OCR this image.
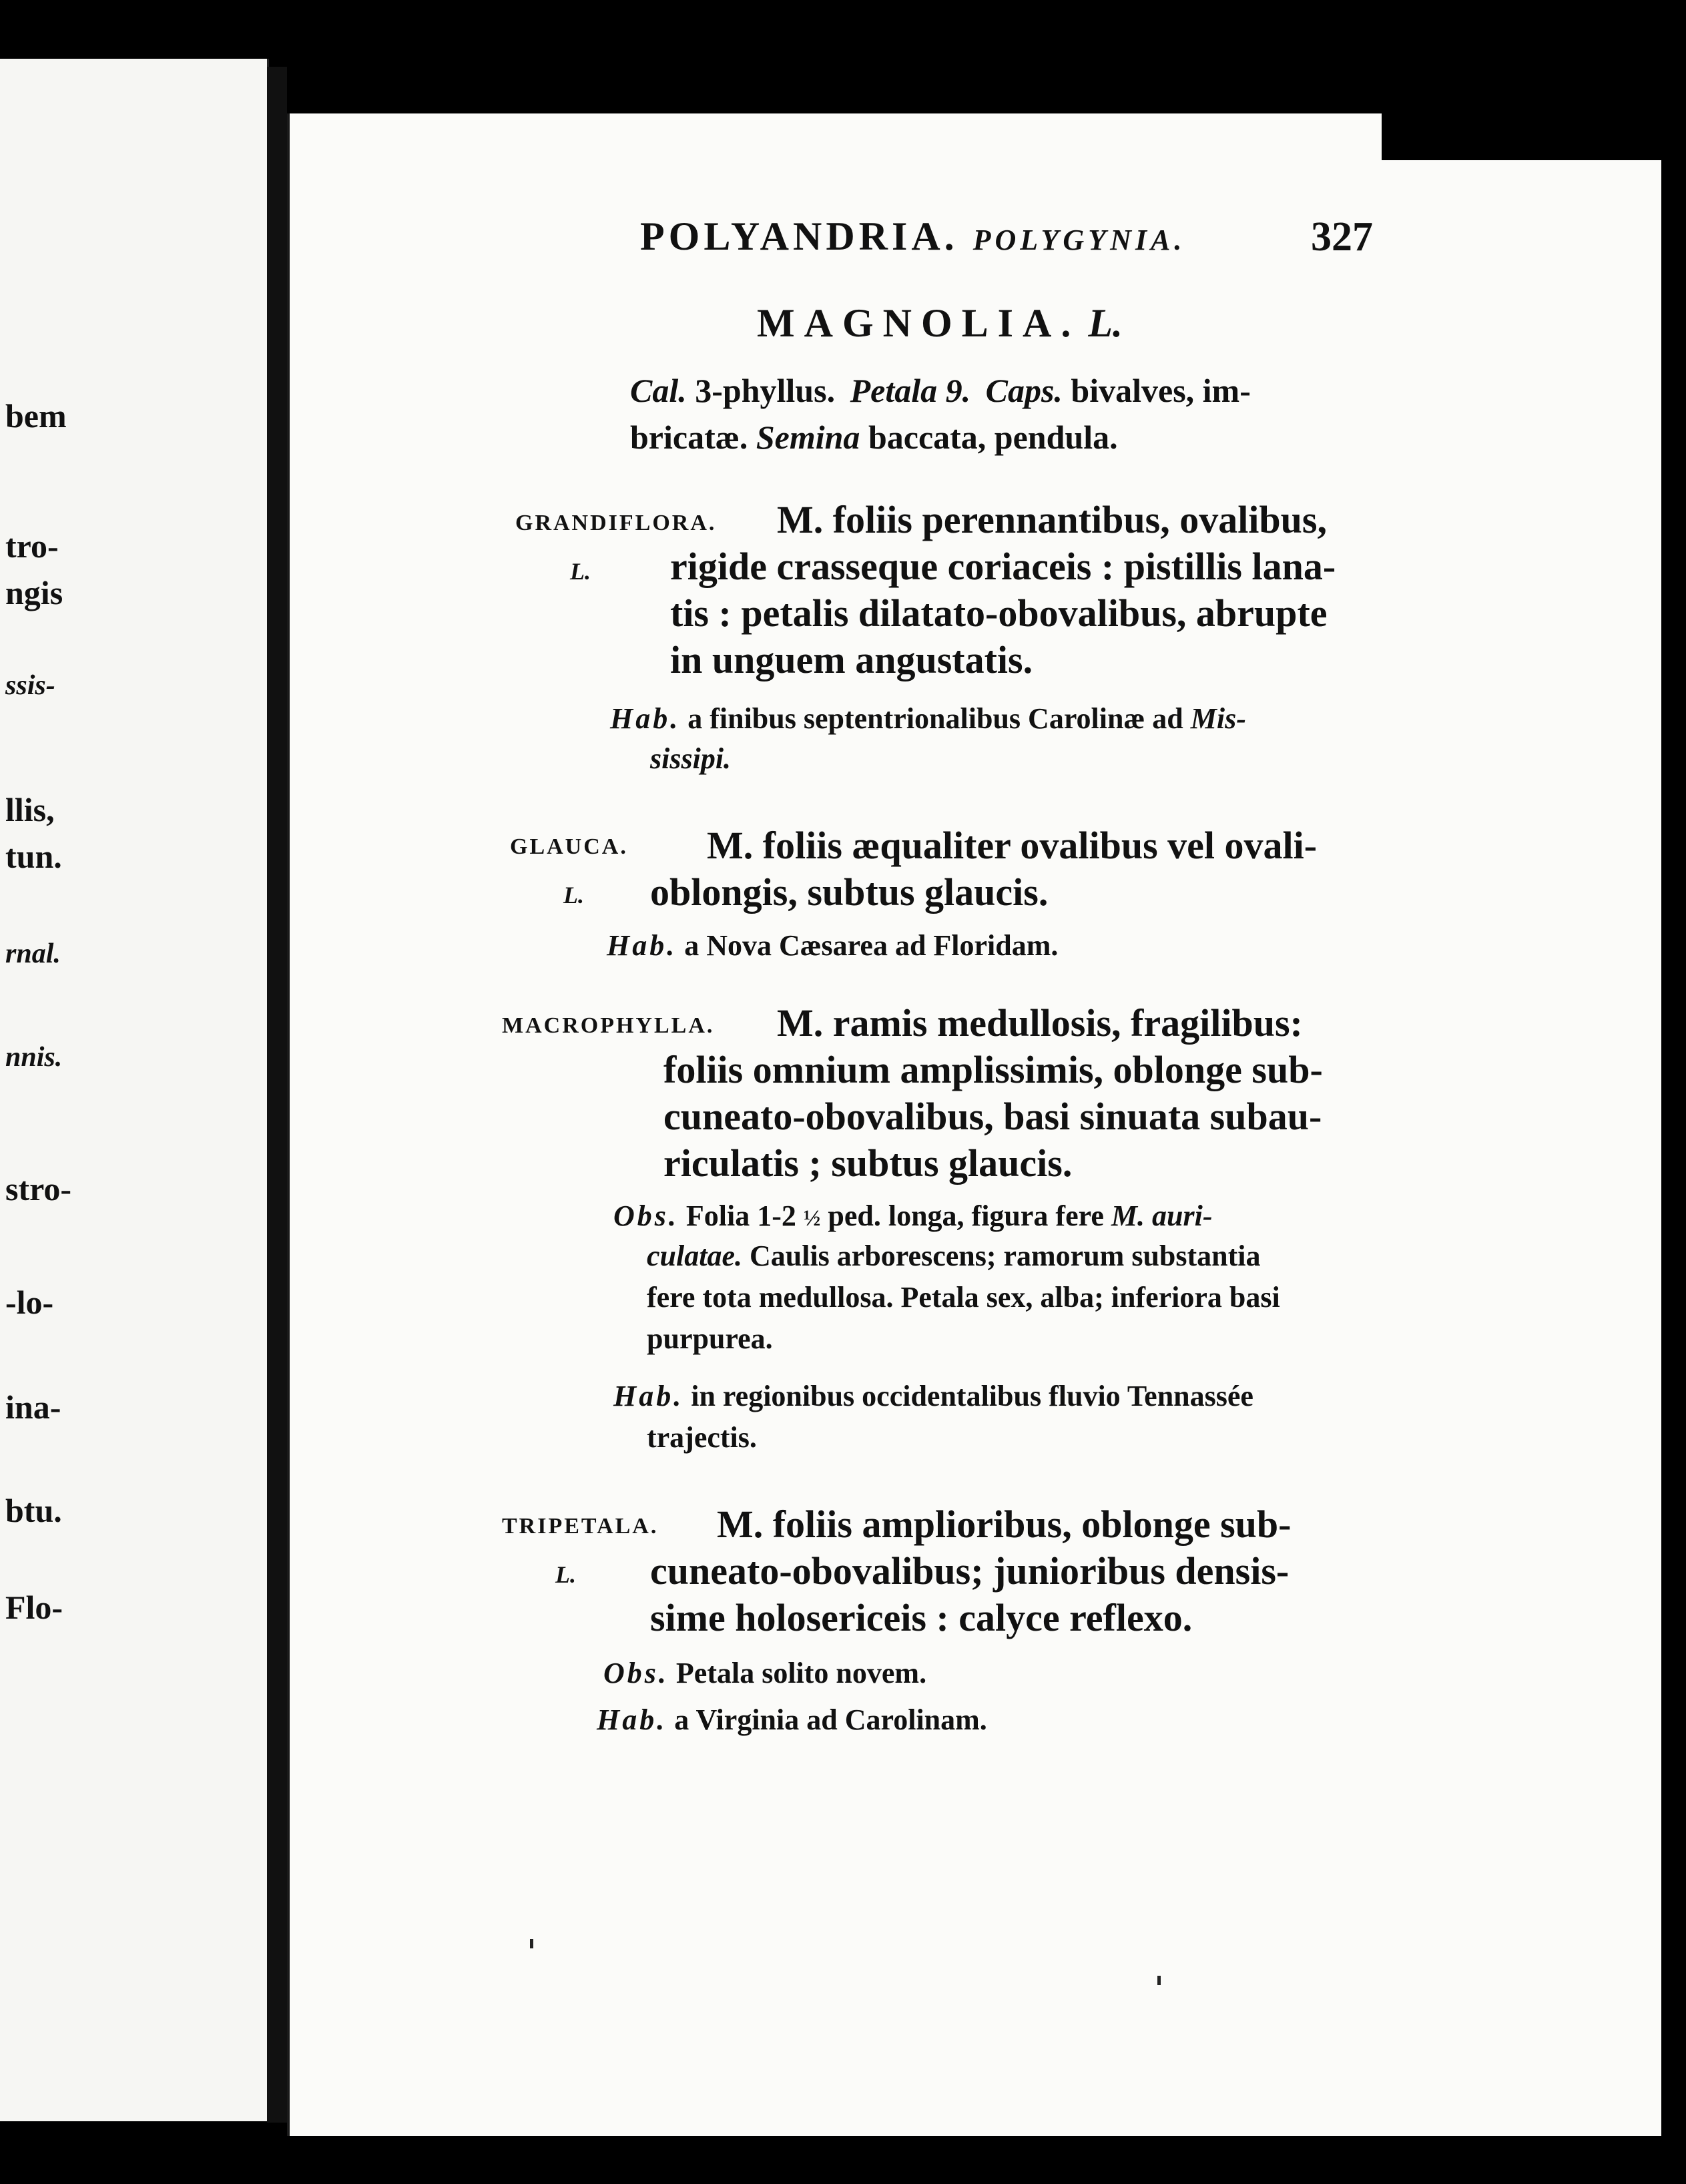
bem
tro-
ngis
ssis-
llis,
tun.
rnal.
nnis.
stro-
-lo-
ina-
btu.
Flo-
POLYANDRIA. POLYGYNIA.	327
MAGNOLIA. L.
Cal. 3-phyllus. Petala 9. Caps. bivalves, im-
bricatæ. Semina baccata, pendula.
GRANDIFLORA.
L.
M. foliis perennantibus, ovalibus,
rigide crasseque coriaceis : pistillis lana-
tis : petalis dilatato-obovalibus, abrupte
in unguem angustatis.
Hab. a finibus septentrionalibus Carolinæ ad Mis-
sissipi.
GLAUCA.
L.
M. foliis æqualiter ovalibus vel ovali-
oblongis, subtus glaucis.
Hab. a Nova Cæsarea ad Floridam.
MACROPHYLLA. M. ramis medullosis, fragilibus:
foliis omnium amplissimis, oblonge sub-
cuneato-obovalibus, basi sinuata subau-
riculatis ; subtus glaucis.
Obs. Folia 1-2 ½ ped. longa, figura fere M. auri-
culatae. Caulis arborescens; ramorum substantia
fere tota medullosa. Petala sex, alba; inferiora basi
purpurea.
Hab. in regionibus occidentalibus fluvio Tennassée
trajectis.
TRIPETALA.
L.
M. foliis amplioribus, oblonge sub-
cuneato-obovalibus; junioribus densis-
sime holosericeis : calyce reflexo.
Obs. Petala solito novem.
Hab. a Virginia ad Carolinam.
